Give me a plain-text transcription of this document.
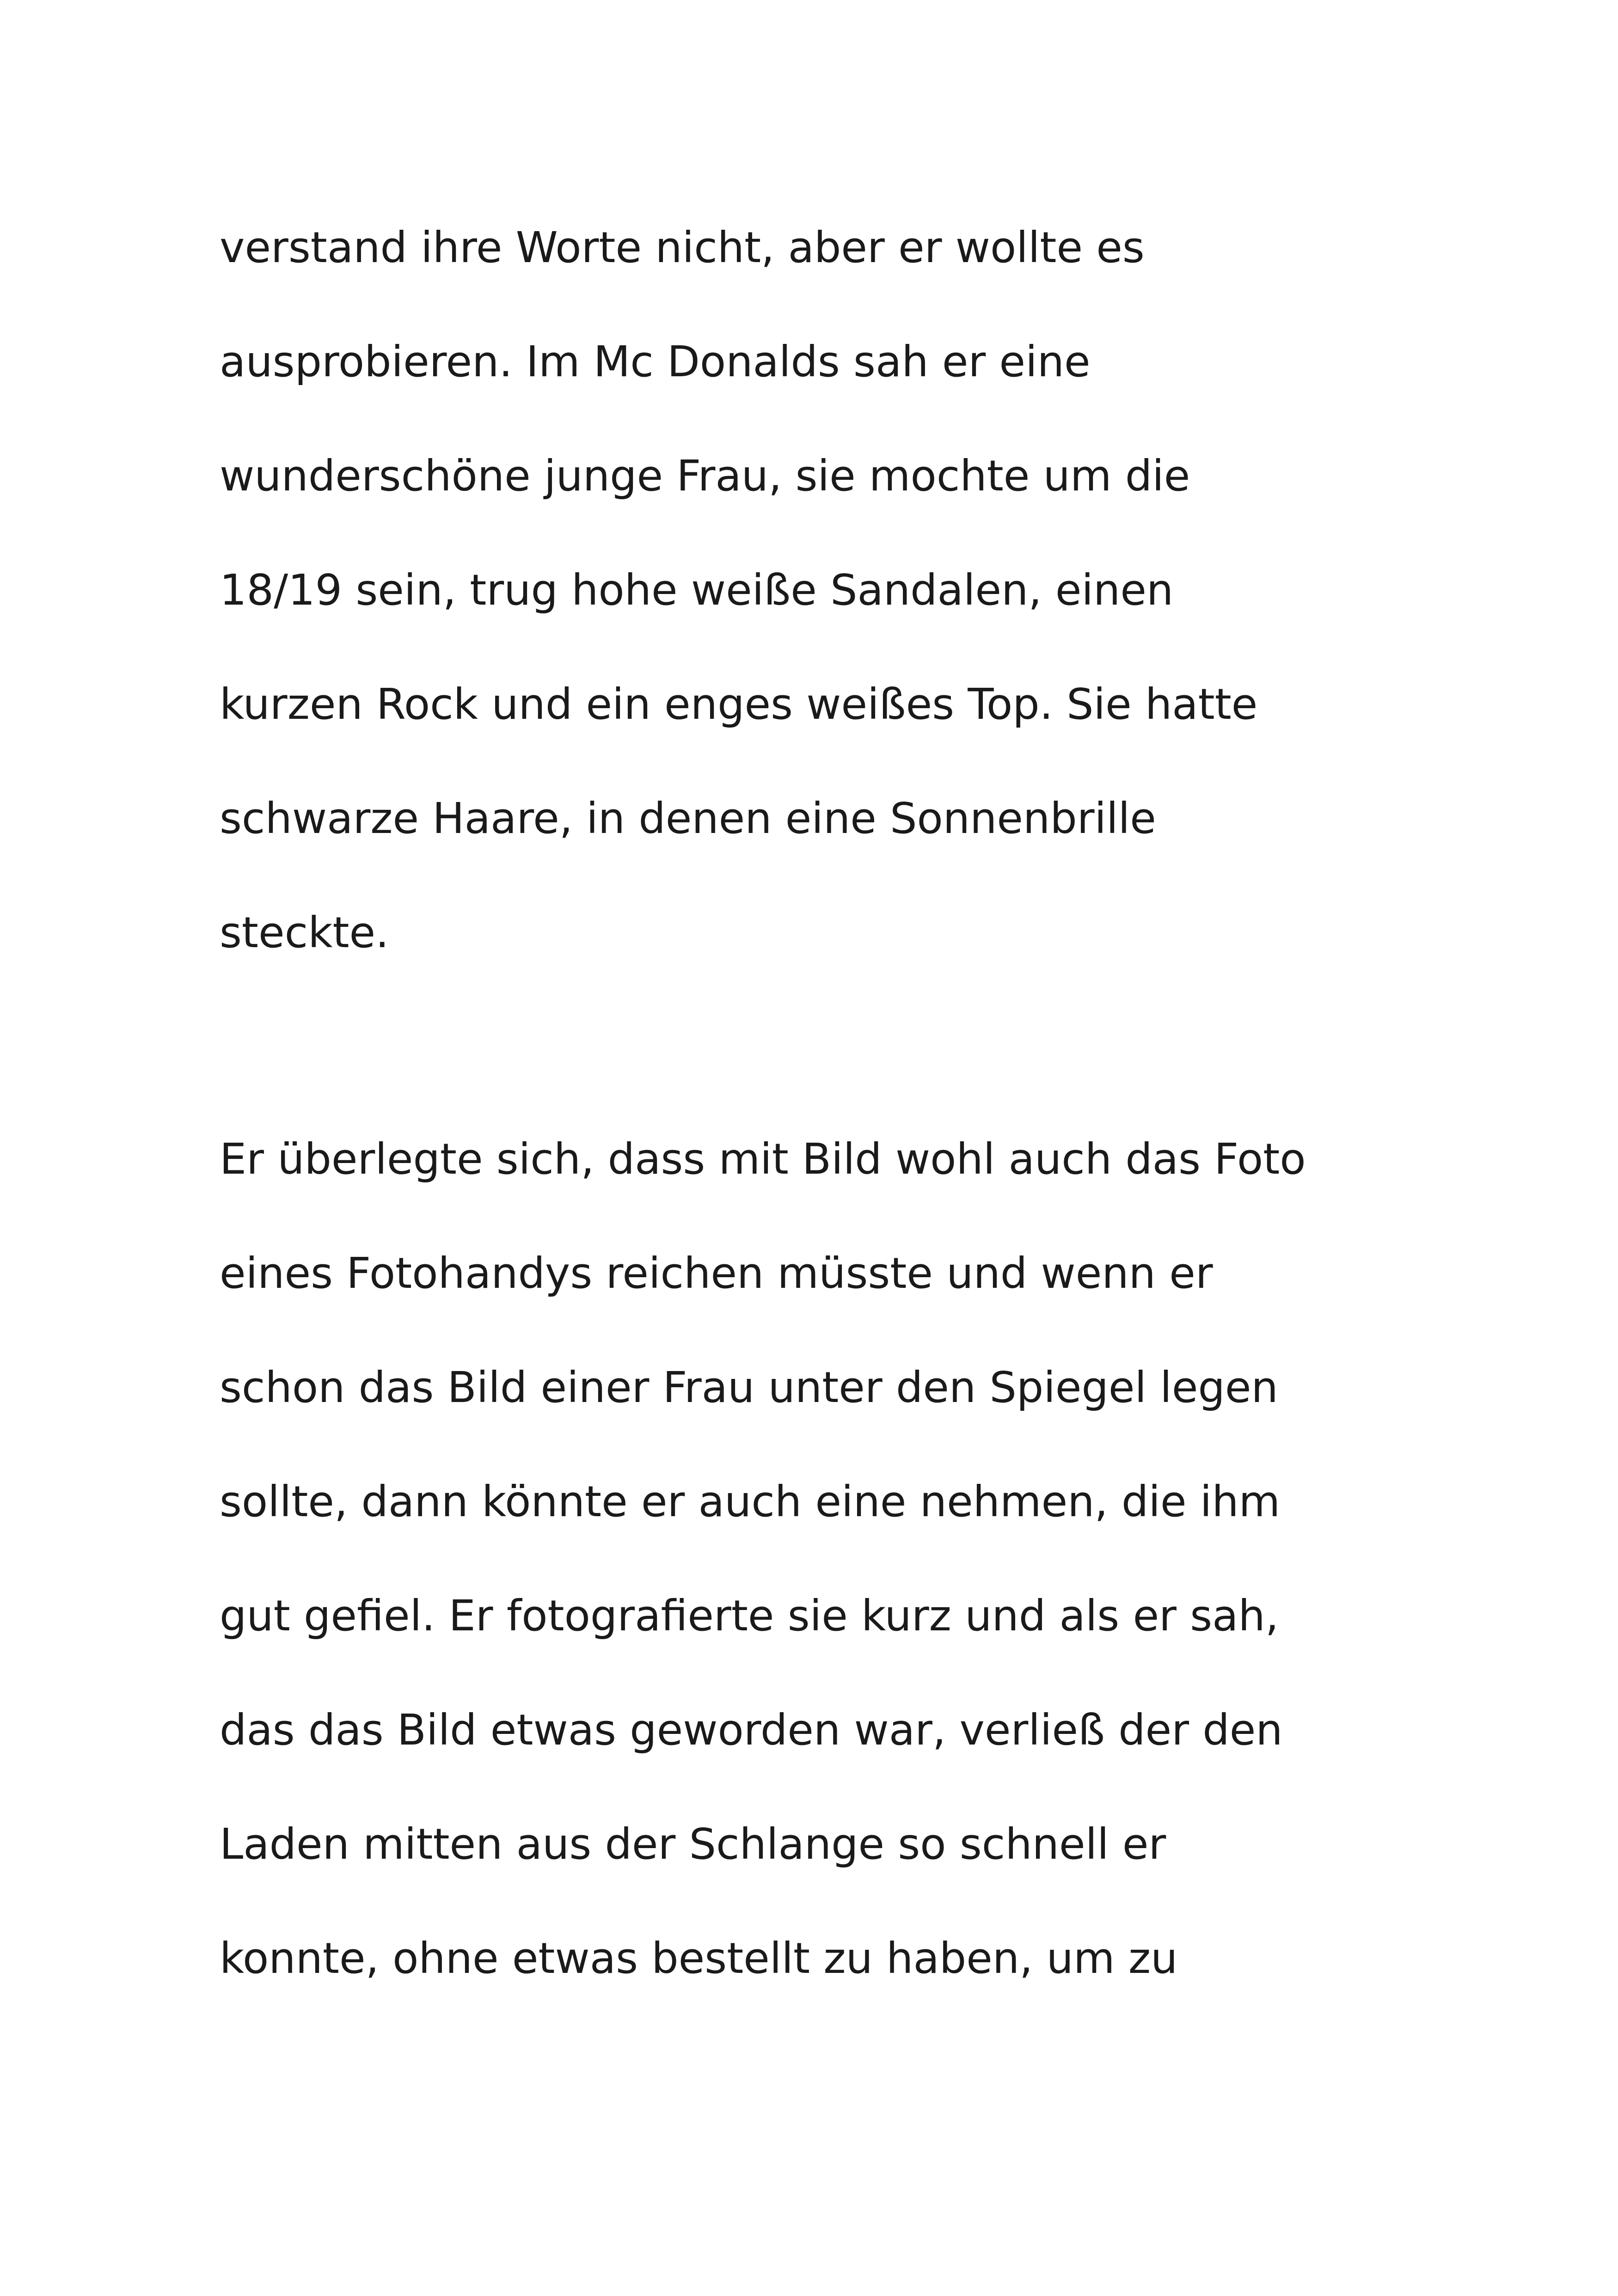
verstand ihre Worte nicht, aber er wollte es
ausprobieren. Im Mc Donalds sah er eine
wunderschöne junge Frau, sie mochte um die
18/19 sein, trug hohe weiße Sandalen, einen
kurzen Rock und ein enges weißes Top. Sie hatte
schwarze Haare, in denen eine Sonnenbrille
steckte.
Er überlegte sich, dass mit Bild wohl auch das Foto
eines Fotohandys reichen müsste und wenn er
schon das Bild einer Frau unter den Spiegel legen
sollte, dann könnte er auch eine nehmen, die ihm
gut gefiel. Er fotografierte sie kurz und als er sah,
das das Bild etwas geworden war, verließ der den
Laden mitten aus der Schlange so schnell er
konnte, ohne etwas bestellt zu haben, um zu
